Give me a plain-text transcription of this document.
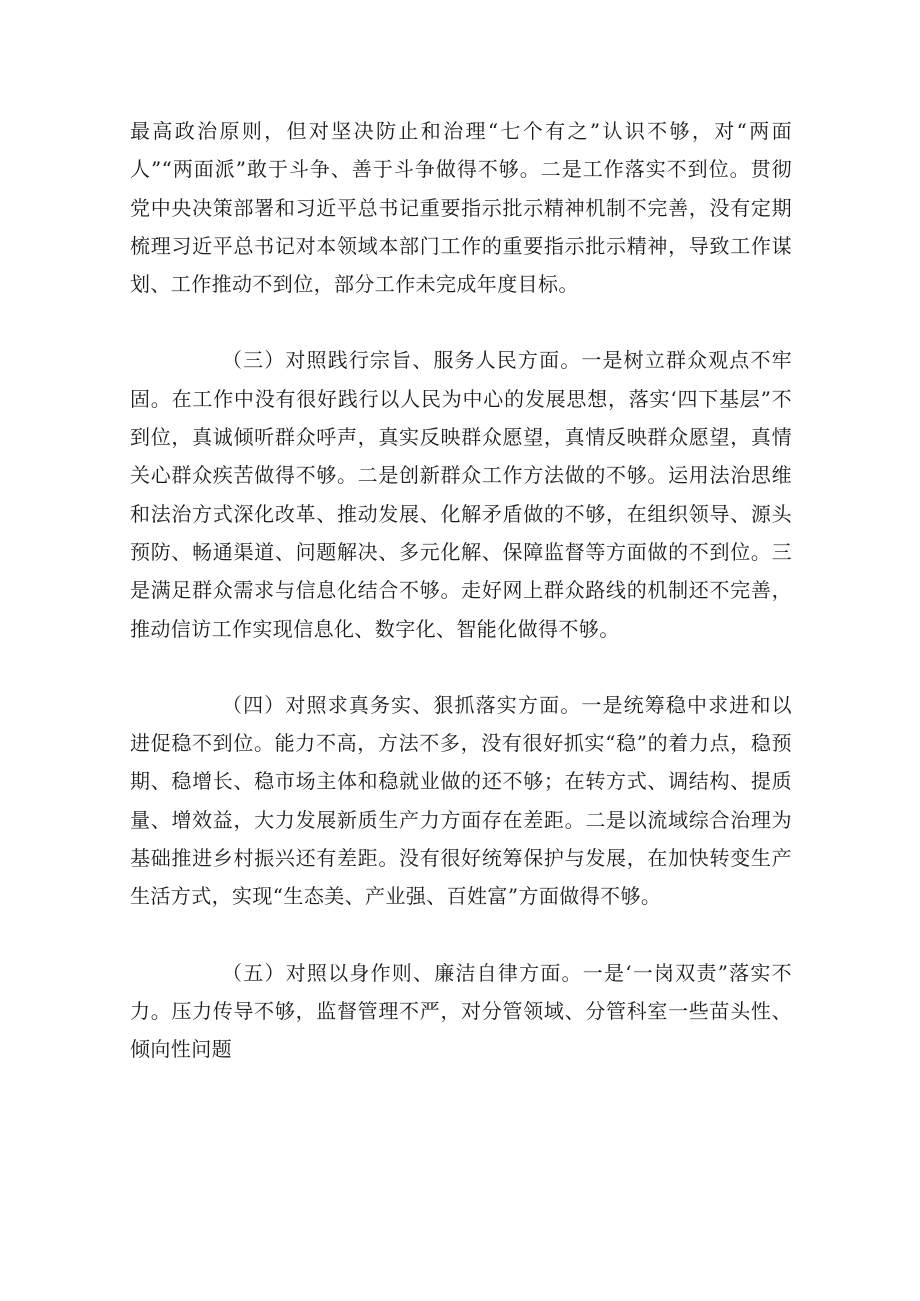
最高政治原则，但对坚决防止和治理“七个有之”认识不够，对“两面人”“两面派”敢于斗争、善于斗争做得不够。二是工作落实不到位。贯彻党中央决策部署和习近平总书记重要指示批示精神机制不完善，没有定期梳理习近平总书记对本领域本部门工作的重要指示批示精神，导致工作谋划、工作推动不到位，部分工作未完成年度目标。

（三）对照践行宗旨、服务人民方面。一是树立群众观点不牢固。在工作中没有很好践行以人民为中心的发展思想，落实‘四下基层”不到位，真诚倾听群众呼声，真实反映群众愿望，真情反映群众愿望，真情关心群众疾苦做得不够。二是创新群众工作方法做的不够。运用法治思维和法治方式深化改革、推动发展、化解矛盾做的不够，在组织领导、源头预防、畅通渠道、问题解决、多元化解、保障监督等方面做的不到位。三是满足群众需求与信息化结合不够。走好网上群众路线的机制还不完善，推动信访工作实现信息化、数字化、智能化做得不够。

（四）对照求真务实、狠抓落实方面。一是统筹稳中求进和以进促稳不到位。能力不高，方法不多，没有很好抓实“稳”的着力点，稳预期、稳增长、稳市场主体和稳就业做的还不够；在转方式、调结构、提质量、增效益，大力发展新质生产力方面存在差距。二是以流域综合治理为基础推进乡村振兴还有差距。没有很好统筹保护与发展，在加快转变生产生活方式，实现“生态美、产业强、百姓富”方面做得不够。

（五）对照以身作则、廉洁自律方面。一是‘一岗双责”落实不力。压力传导不够，监督管理不严，对分管领域、分管科室一些苗头性、倾向性问题
